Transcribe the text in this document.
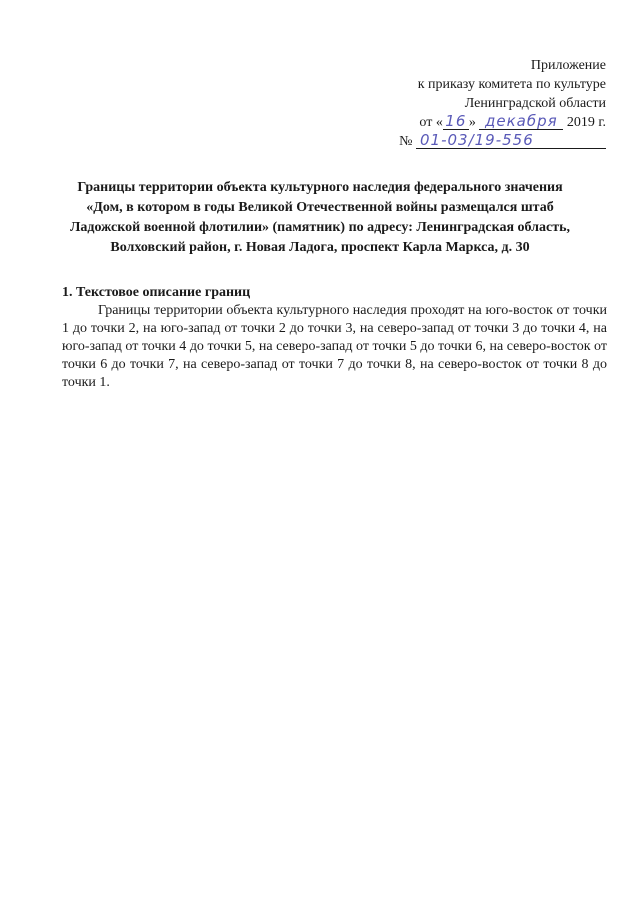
Приложение
к приказу комитета по культуре
Ленинградской области
от « 16 » декабря 2019 г.
№ 01-03/19-556
Границы территории объекта культурного наследия федерального значения
«Дом, в котором в годы Великой Отечественной войны размещался штаб
Ладожской военной флотилии» (памятник) по адресу: Ленинградская область,
Волховский район, г. Новая Ладога, проспект Карла Маркса, д. 30
1. Текстовое описание границ

Границы территории объекта культурного наследия проходят на юго-восток от точки 1 до точки 2, на юго-запад от точки 2 до точки 3, на северо-запад от точки 3 до точки 4, на юго-запад от точки 4 до точки 5, на северо-запад от точки 5 до точки 6, на северо-восток от точки 6 до точки 7, на северо-запад от точки 7 до точки 8, на северо-восток от точки 8 до точки 1.
